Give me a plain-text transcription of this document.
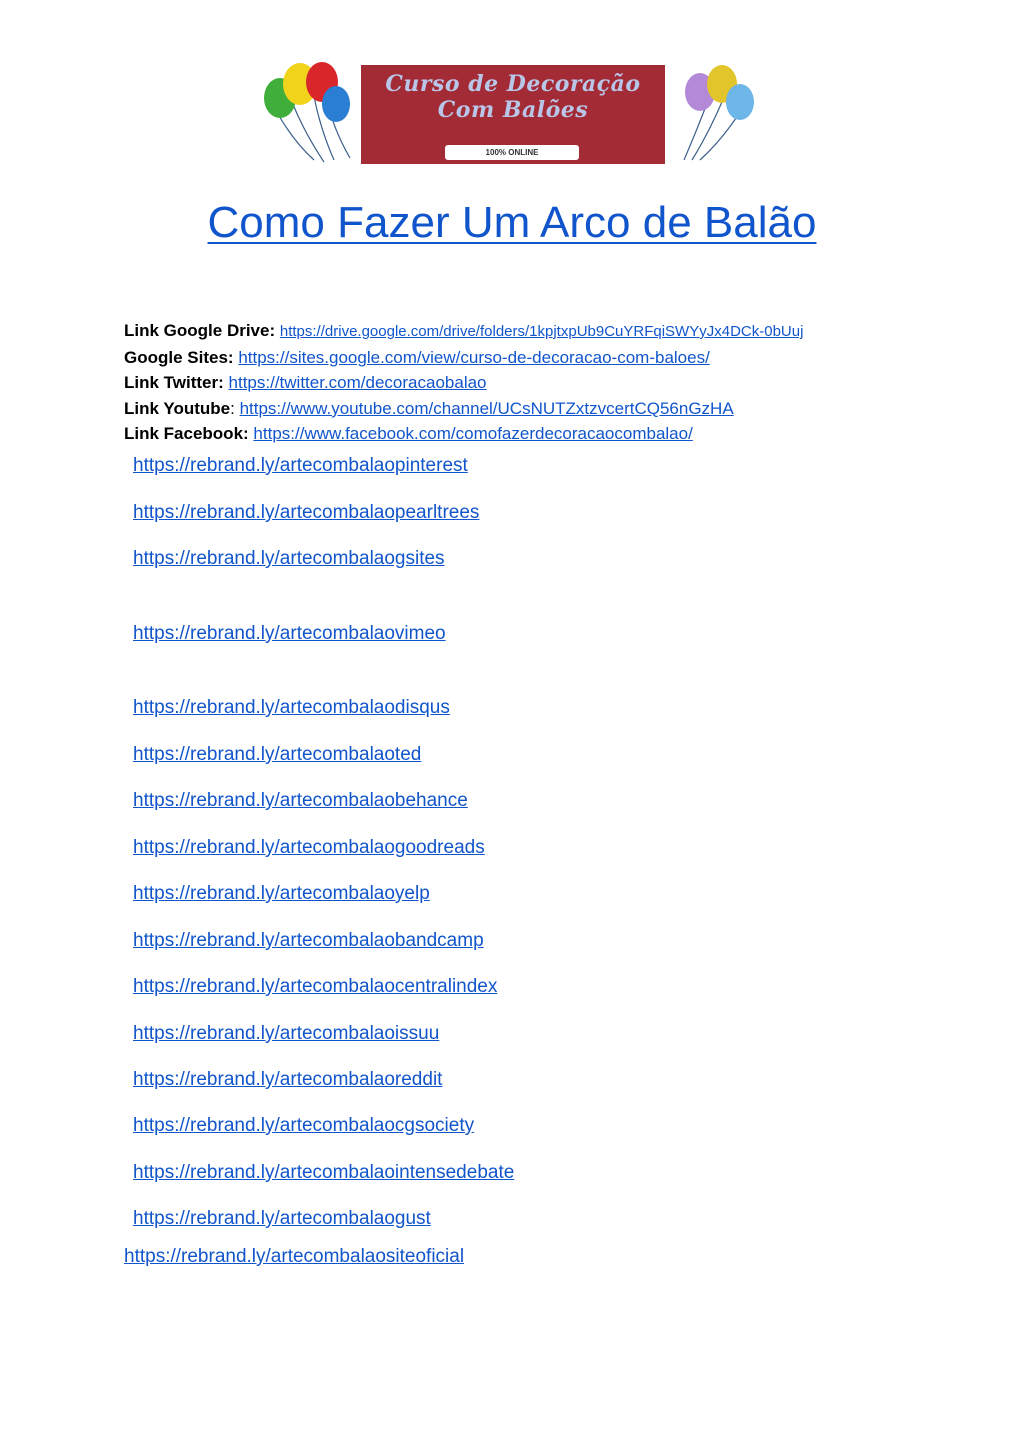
Curso de Decoração Com Balões
100% ONLINE
Como Fazer Um Arco de Balão
Link Google Drive: https://drive.google.com/drive/folders/1kpjtxpUb9CuYRFqiSWYyJx4DCk-0bUuj
Google Sites: https://sites.google.com/view/curso-de-decoracao-com-baloes/
Link Twitter: https://twitter.com/decoracaobalao
Link Youtube: https://www.youtube.com/channel/UCsNUTZxtzvcertCQ56nGzHA
Link Facebook: https://www.facebook.com/comofazerdecoracaocombalao/
https://rebrand.ly/artecombalaopinterest
https://rebrand.ly/artecombalaopearltrees
https://rebrand.ly/artecombalaogsites
https://rebrand.ly/artecombalaovimeo
https://rebrand.ly/artecombalaodisqus
https://rebrand.ly/artecombalaoted
https://rebrand.ly/artecombalaobehance
https://rebrand.ly/artecombalaogoodreads
https://rebrand.ly/artecombalaoyelp
https://rebrand.ly/artecombalaobandcamp
https://rebrand.ly/artecombalaocentralindex
https://rebrand.ly/artecombalaoissuu
https://rebrand.ly/artecombalaoreddit
https://rebrand.ly/artecombalaocgsociety
https://rebrand.ly/artecombalaointensedebate
https://rebrand.ly/artecombalaogust
https://rebrand.ly/artecombalaositeoficial
